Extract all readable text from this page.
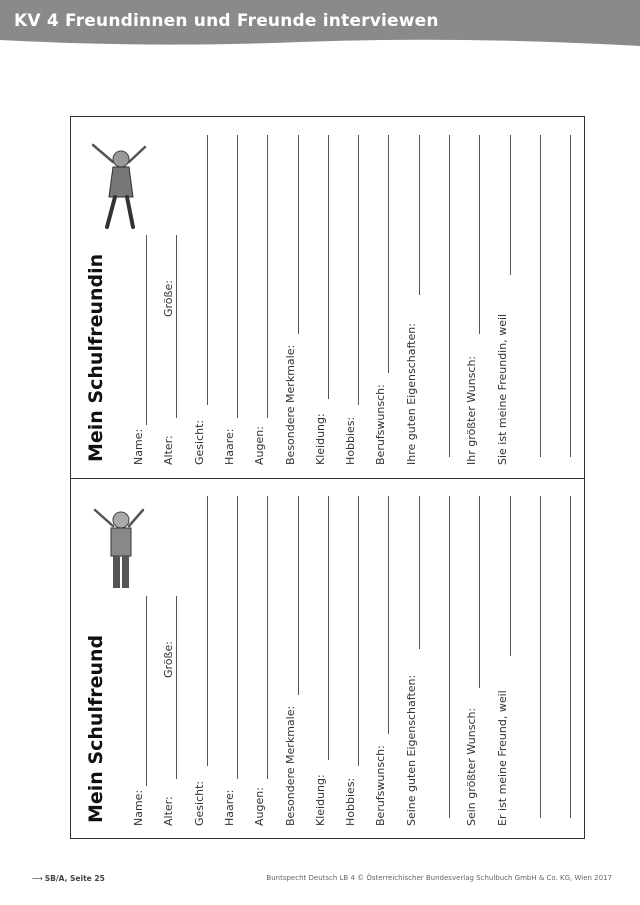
KV 4 Freundinnen und Freunde interviewen
Mein Schulfreundin Name: Alter:
Größe:
Gesicht: Haare: Augen: Besondere Merkmale: Kleidung: Hobbies: Berufswunsch: Ihre guten Eigenschaften:	Ihr größter Wunsch: Sie ist meine Freundin, weil
Mein Schulfreund Name: Alter:
Größe:
Gesicht: Haare: Augen: Besondere Merkmale: Kleidung: Hobbies: Berufswunsch: Seine guten Eigenschaften:	Sein größter Wunsch: Er ist meine Freund, weil
⟶ SB/A, Seite 25	Buntspecht Deutsch LB 4 © Österreichischer Bundesverlag Schulbuch GmbH & Co. KG, Wien 2017
